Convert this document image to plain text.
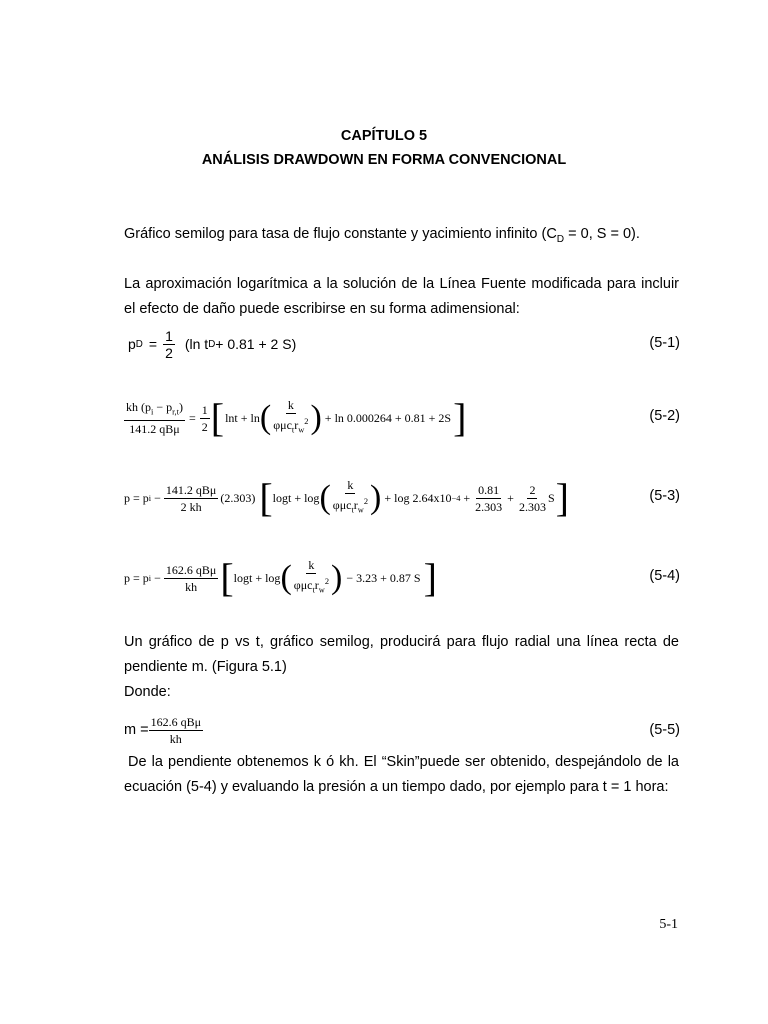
CAPÍTULO 5
ANÁLISIS DRAWDOWN EN FORMA CONVENCIONAL
Gráfico semilog para tasa de flujo constante y yacimiento infinito ($C_D = 0$, S = 0).
La aproximación logarítmica a la solución de la Línea Fuente modificada para incluir el efecto de daño puede escribirse en su forma adimensional:
p $D = \frac{1}{2} (\ln$ t D + 0.81 + 2 S)	(5-1)
$\frac{kh (p_i - p_{r,t})}{\text{141.2 qBμ}} = \frac{1}{2}$ [ lnt + ln ( $\frac{k}{\varphi\mu c_tr_w^2}$ ) + ln 0.000264 + 0.81 + 2S ]	(5-2)
p = p $i - \frac{\text{141.2 qBμ}}{2 kh} (2.303)$ [ logt + log ( $\frac{k}{\varphi\mu c_tr_w^2}$ ) + $\log 2.64x10 -4 + \frac{0.81}{2.303} + \frac{2}{2.303}$ S ]	(5-3)
p = p $i - \frac{\text{162.6 qBμ}}{kh}$ [ logt + log ( $\frac{k}{\varphi\mu c_tr_w^2}$ ) − 3.23 + 0.87 S ]	(5-4)
Un gráfico de p vs t, gráfico semilog, producirá para flujo radial una línea recta de pendiente m. (Figura 5.1)
Donde:
$m = \frac{\text{162.6 qBμ}}{kh}$	(5-5)
De la pendiente obtenemos k ó kh. El “Skin”puede ser obtenido, despejándolo de la ecuación (5-4) y evaluando la presión a un tiempo dado, por ejemplo para t = 1 hora:
5-1
